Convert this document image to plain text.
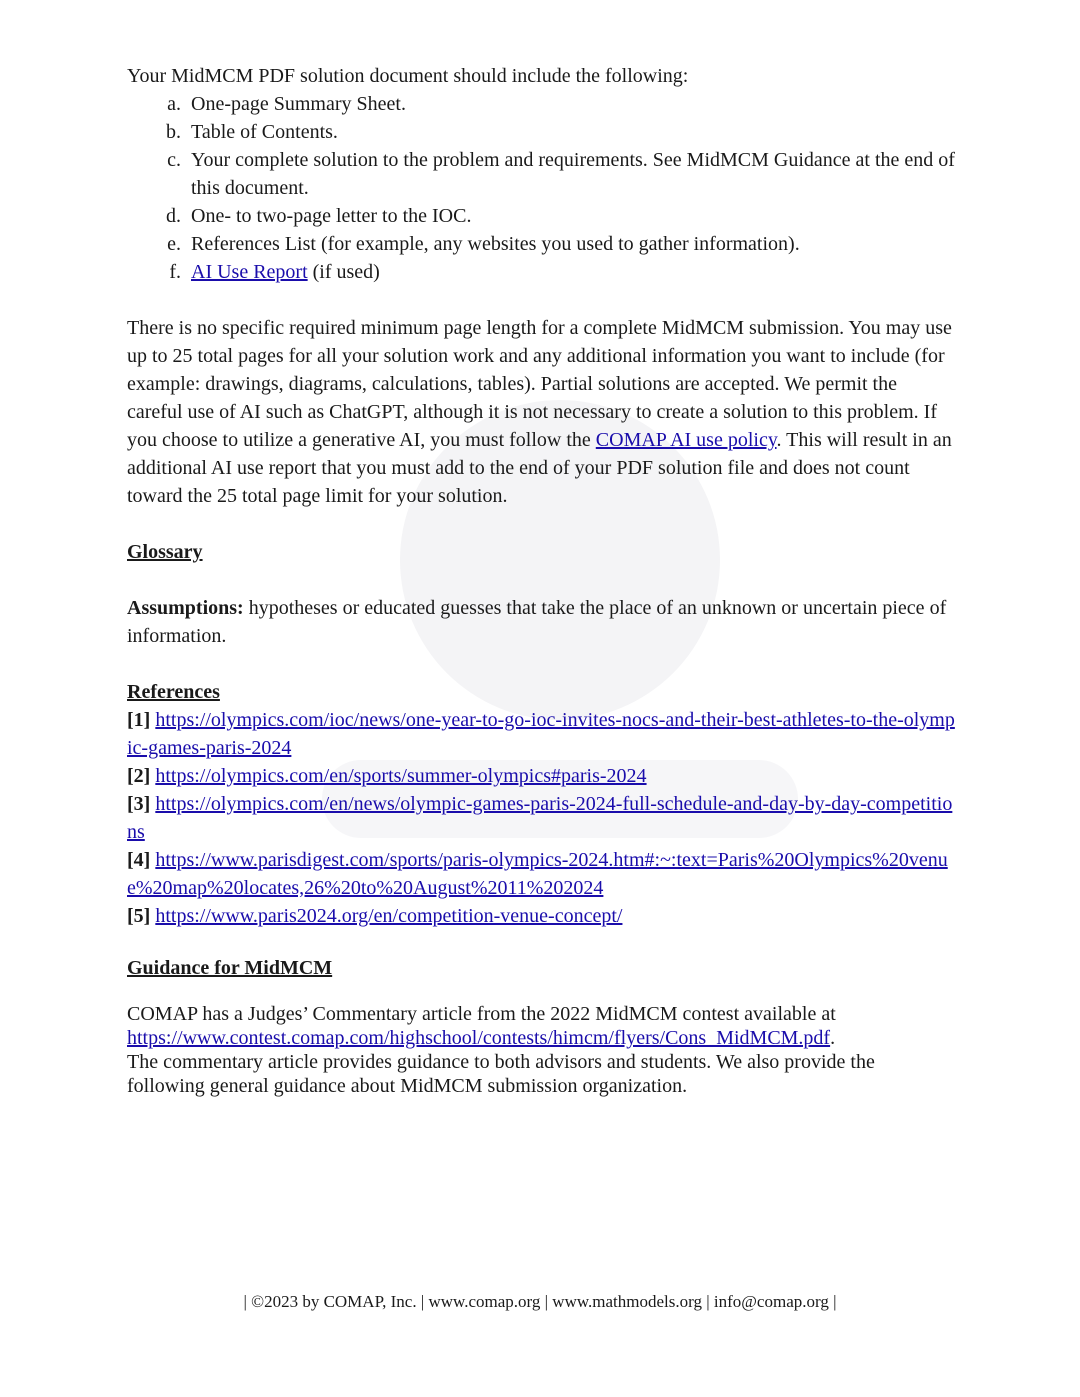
Your MidMCM PDF solution document should include the following:

a. One-page Summary Sheet.
b. Table of Contents.
c. Your complete solution to the problem and requirements. See MidMCM Guidance at the end of this document.
d. One- to two-page letter to the IOC.
e. References List (for example, any websites you used to gather information).
f. AI Use Report (if used)

There is no specific required minimum page length for a complete MidMCM submission. You may use up to 25 total pages for all your solution work and any additional information you want to include (for example: drawings, diagrams, calculations, tables). Partial solutions are accepted. We permit the careful use of AI such as ChatGPT, although it is not necessary to create a solution to this problem. If you choose to utilize a generative AI, you must follow the COMAP AI use policy. This will result in an additional AI use report that you must add to the end of your PDF solution file and does not count toward the 25 total page limit for your solution.

Glossary

Assumptions: hypotheses or educated guesses that take the place of an unknown or uncertain piece of information.

References

[1] https://olympics.com/ioc/news/one-year-to-go-ioc-invites-nocs-and-their-best-athletes-to-the-olympic-games-paris-2024

[2] https://olympics.com/en/sports/summer-olympics#paris-2024

[3] https://olympics.com/en/news/olympic-games-paris-2024-full-schedule-and-day-by-day-competitions

[4] https://www.parisdigest.com/sports/paris-olympics-2024.htm#:~:text=Paris%20Olympics%20venue%20map%20locates,26%20to%20August%2011%202024

[5] https://www.paris2024.org/en/competition-venue-concept/

Guidance for MidMCM

COMAP has a Judges’ Commentary article from the 2022 MidMCM contest available at
https://www.contest.comap.com/highschool/contests/himcm/flyers/Cons_MidMCM.pdf.
The commentary article provides guidance to both advisors and students. We also provide the following general guidance about MidMCM submission organization.

| ©2023 by COMAP, Inc. | www.comap.org | www.mathmodels.org | info@comap.org |
